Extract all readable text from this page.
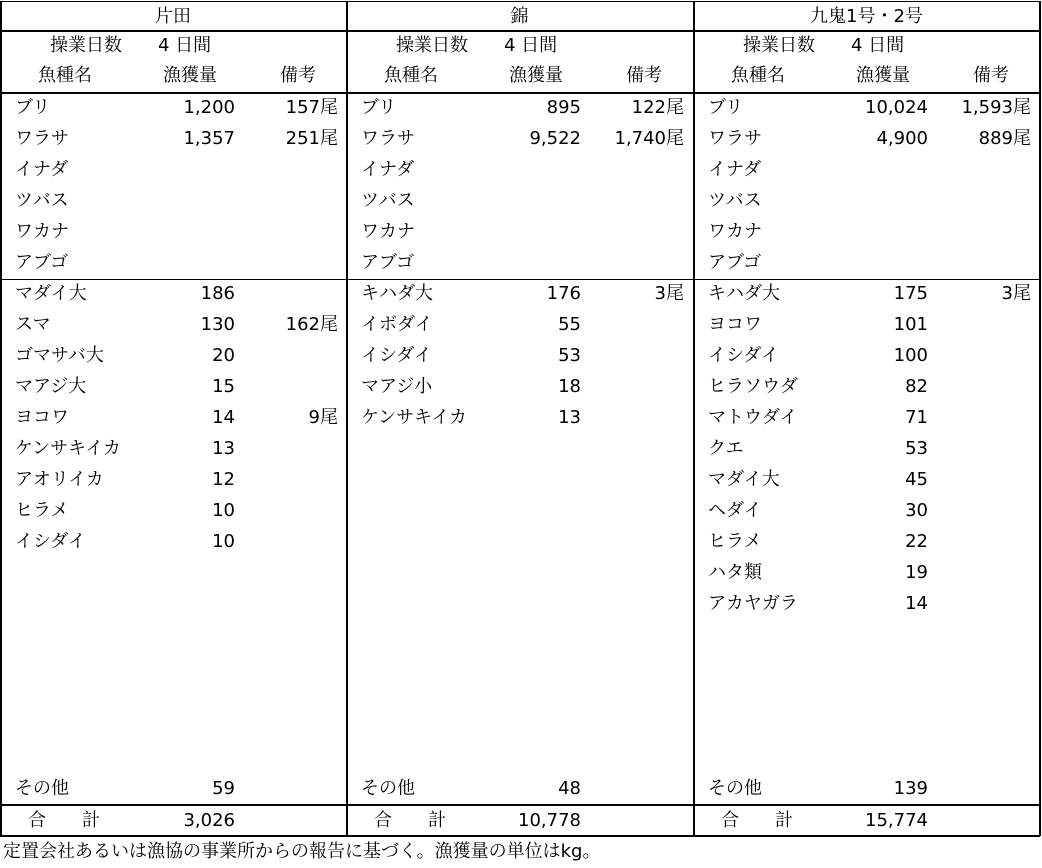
片田
操業日数 4 日間
魚種名	漁獲量	備考
ブリ	1,200	157尾
ワラサ	1,357	251尾
イナダ
ツバス
ワカナ
アブゴ
マダイ大	186
スマ	130	162尾
ゴマサバ大	20
マアジ大	15
ヨコワ	14	9尾
ケンサキイカ	13
アオリイカ	12
ヒラメ	10
イシダイ	10
その他	59
合　　計	3,026
錦
操業日数 4 日間
魚種名	漁獲量	備考
ブリ	895	122尾
ワラサ	9,522	1,740尾
イナダ
ツバス
ワカナ
アブゴ
キハダ大	176	3尾
イボダイ	55
イシダイ	53
マアジ小	18
ケンサキイカ	13
その他	48
合　　計	10,778
九鬼1号・2号
操業日数 4 日間
魚種名	漁獲量	備考
ブリ	10,024	1,593尾
ワラサ	4,900	889尾
イナダ
ツバス
ワカナ
アブゴ
キハダ大	175	3尾
ヨコワ	101
イシダイ	100
ヒラソウダ	82
マトウダイ	71
クエ	53
マダイ大	45
ヘダイ	30
ヒラメ	22
ハタ類	19
アカヤガラ	14
その他	139
合　　計	15,774
定置会社あるいは漁協の事業所からの報告に基づく。漁獲量の単位はkg。
